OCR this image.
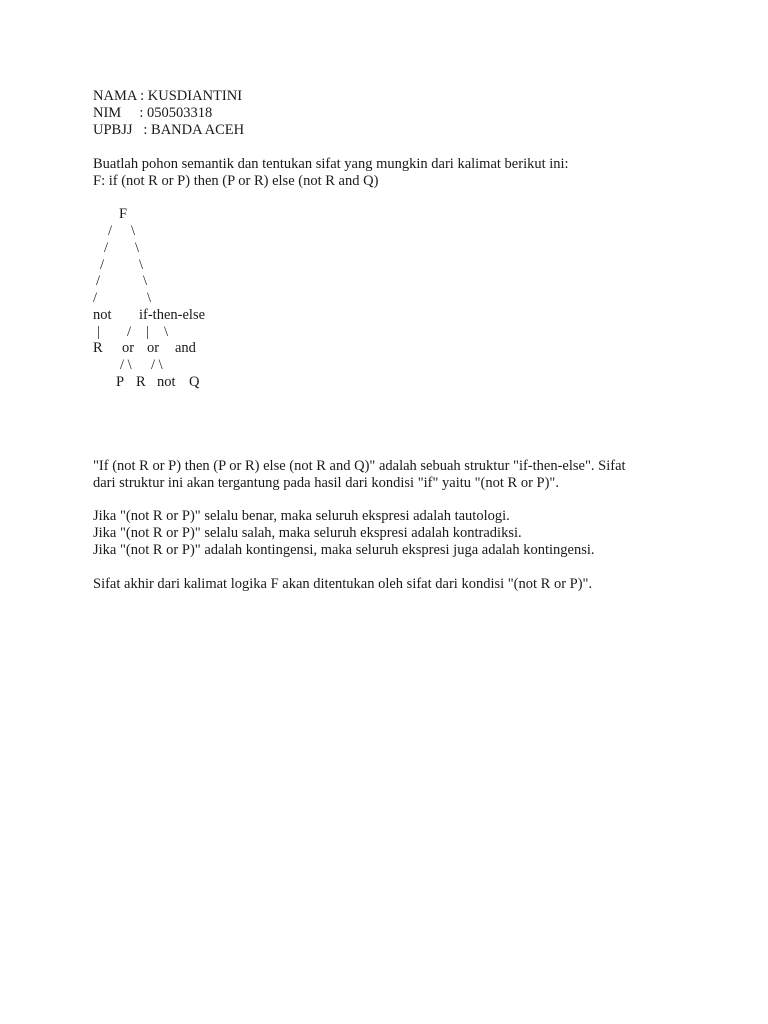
NAMA : KUSDIANTINI
NIM     : 050503318
UPBJJ   : BANDA ACEH
Buatlah pohon semantik dan tentukan sifat yang mungkin dari kalimat berikut ini:
F: if (not R or P) then (P or R) else (not R and Q)
F
/ \
/ \
/ \
/	\
/	\
not if-then-else
| / | \
R or or and
/ \ / \
P R not Q
"If (not R or P) then (P or R) else (not R and Q)" adalah sebuah struktur "if-then-else". Sifat
dari struktur ini akan tergantung pada hasil dari kondisi "if" yaitu "(not R or P)".
Jika "(not R or P)" selalu benar, maka seluruh ekspresi adalah tautologi.
Jika "(not R or P)" selalu salah, maka seluruh ekspresi adalah kontradiksi.
Jika "(not R or P)" adalah kontingensi, maka seluruh ekspresi juga adalah kontingensi.
Sifat akhir dari kalimat logika F akan ditentukan oleh sifat dari kondisi "(not R or P)".
